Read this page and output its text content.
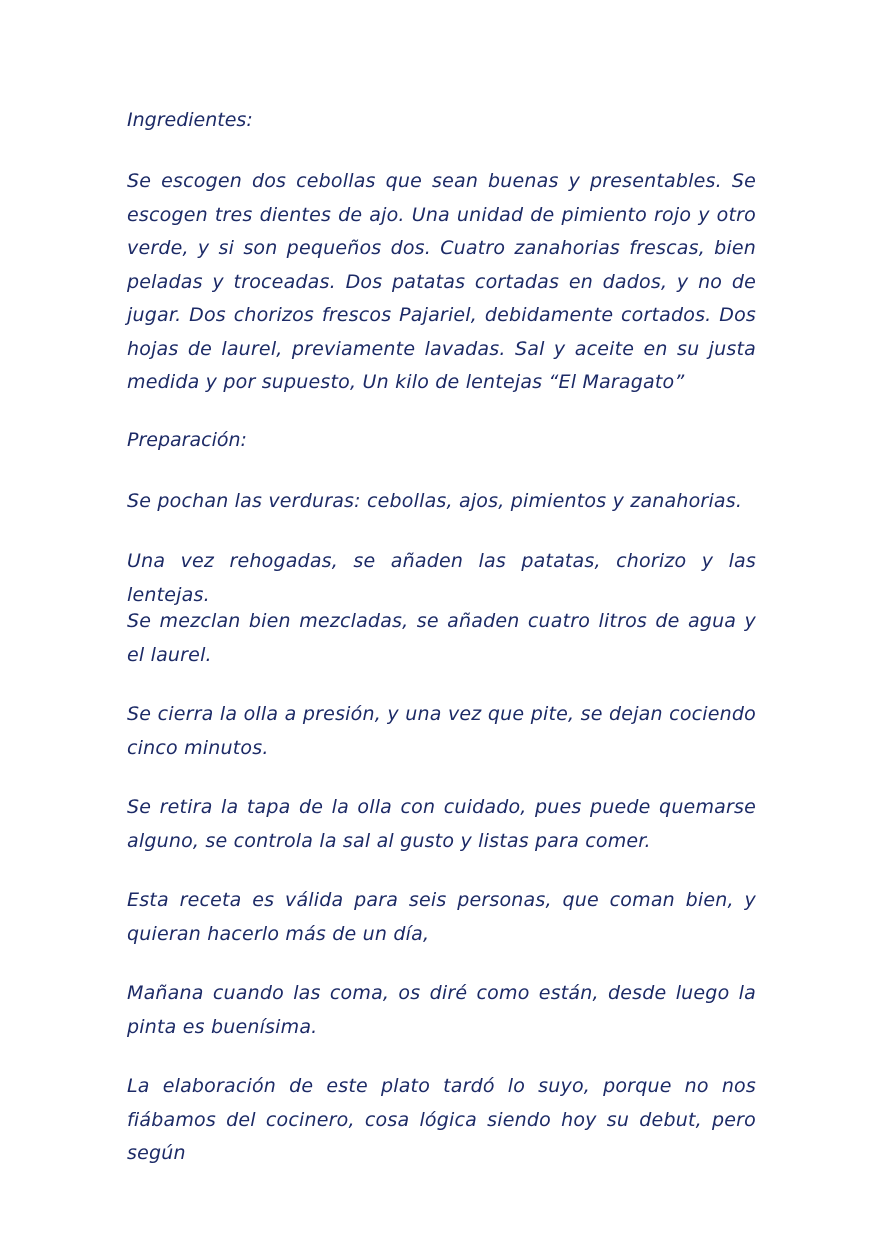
Ingredientes:

Se escogen dos cebollas que sean buenas y presentables. Se escogen tres dientes de ajo. Una unidad de pimiento rojo y otro verde, y si son pequeños dos. Cuatro zanahorias frescas, bien peladas y troceadas. Dos patatas cortadas en dados, y no de jugar. Dos chorizos frescos Pajariel, debidamente cortados. Dos hojas de laurel, previamente lavadas. Sal y aceite en su justa medida y por supuesto, Un kilo de lentejas “El Maragato”

Preparación:

Se pochan las verduras: cebollas, ajos, pimientos y zanahorias.

Una vez rehogadas, se añaden las patatas, chorizo y las lentejas.

Se mezclan bien mezcladas, se añaden cuatro litros de agua y el laurel.

Se cierra la olla a presión, y una vez que pite, se dejan cociendo cinco minutos.

Se retira la tapa de la olla con cuidado, pues puede quemarse alguno, se controla la sal al gusto y listas para comer.

Esta receta es válida para seis personas, que coman bien, y quieran hacerlo más de un día,

Mañana cuando las coma, os diré como están, desde luego la pinta es buenísima.

La elaboración de este plato tardó lo suyo, porque no nos fiábamos del cocinero, cosa lógica siendo hoy su debut, pero según
